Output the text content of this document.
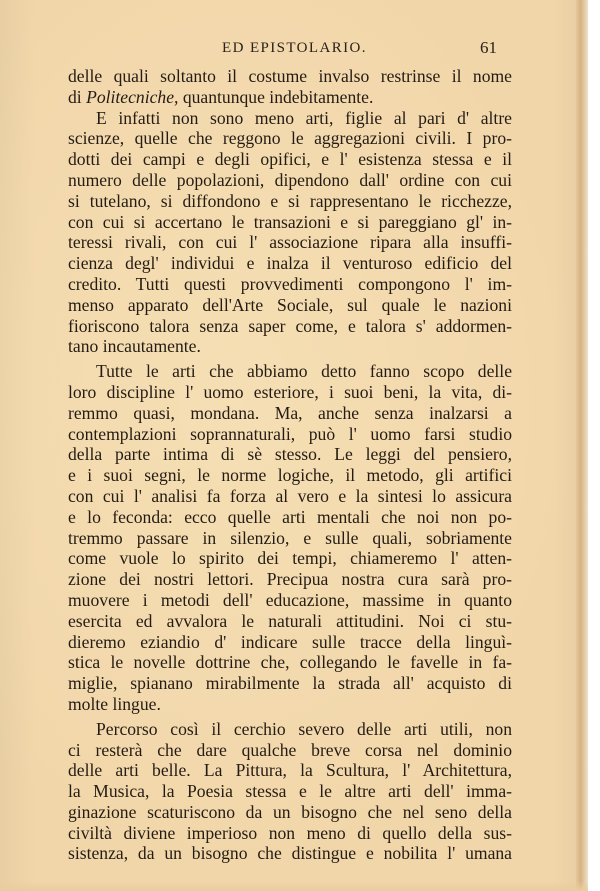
ED EPISTOLARIO.	61

delle quali soltanto il costume invalso restrinse il nome
di Politecniche, quantunque indebitamente.

E infatti non sono meno arti, figlie al pari d' altre
scienze, quelle che reggono le aggregazioni civili. I pro-
dotti dei campi e degli opifici, e l' esistenza stessa e il
numero delle popolazioni, dipendono dall' ordine con cui
si tutelano, si diffondono e si rappresentano le ricchezze,
con cui si accertano le transazioni e si pareggiano gl' in-
teressi rivali, con cui l' associazione ripara alla insuffi-
cienza degl' individui e inalza il venturoso edificio del
credito. Tutti questi provvedimenti compongono l' im-
menso apparato dell'Arte Sociale, sul quale le nazioni
fioriscono talora senza saper come, e talora s' addormen-
tano incautamente.

Tutte le arti che abbiamo detto fanno scopo delle
loro discipline l' uomo esteriore, i suoi beni, la vita, di-
remmo quasi, mondana. Ma, anche senza inalzarsi a
contemplazioni soprannaturali, può l' uomo farsi studio
della parte intima di sè stesso. Le leggi del pensiero,
e i suoi segni, le norme logiche, il metodo, gli artifici
con cui l' analisi fa forza al vero e la sintesi lo assicura
e lo feconda: ecco quelle arti mentali che noi non po-
tremmo passare in silenzio, e sulle quali, sobriamente
come vuole lo spirito dei tempi, chiameremo l' atten-
zione dei nostri lettori. Precipua nostra cura sarà pro-
muovere i metodi dell' educazione, massime in quanto
esercita ed avvalora le naturali attitudini. Noi ci stu-
dieremo eziandio d' indicare sulle tracce della linguì-
stica le novelle dottrine che, collegando le favelle in fa-
miglie, spianano mirabilmente la strada all' acquisto di
molte lingue.

Percorso così il cerchio severo delle arti utili, non
ci resterà che dare qualche breve corsa nel dominio
delle arti belle. La Pittura, la Scultura, l' Architettura,
la Musica, la Poesia stessa e le altre arti dell' imma-
ginazione scaturiscono da un bisogno che nel seno della
civiltà diviene imperioso non meno di quello della sus-
sistenza, da un bisogno che distingue e nobilita l' umana
